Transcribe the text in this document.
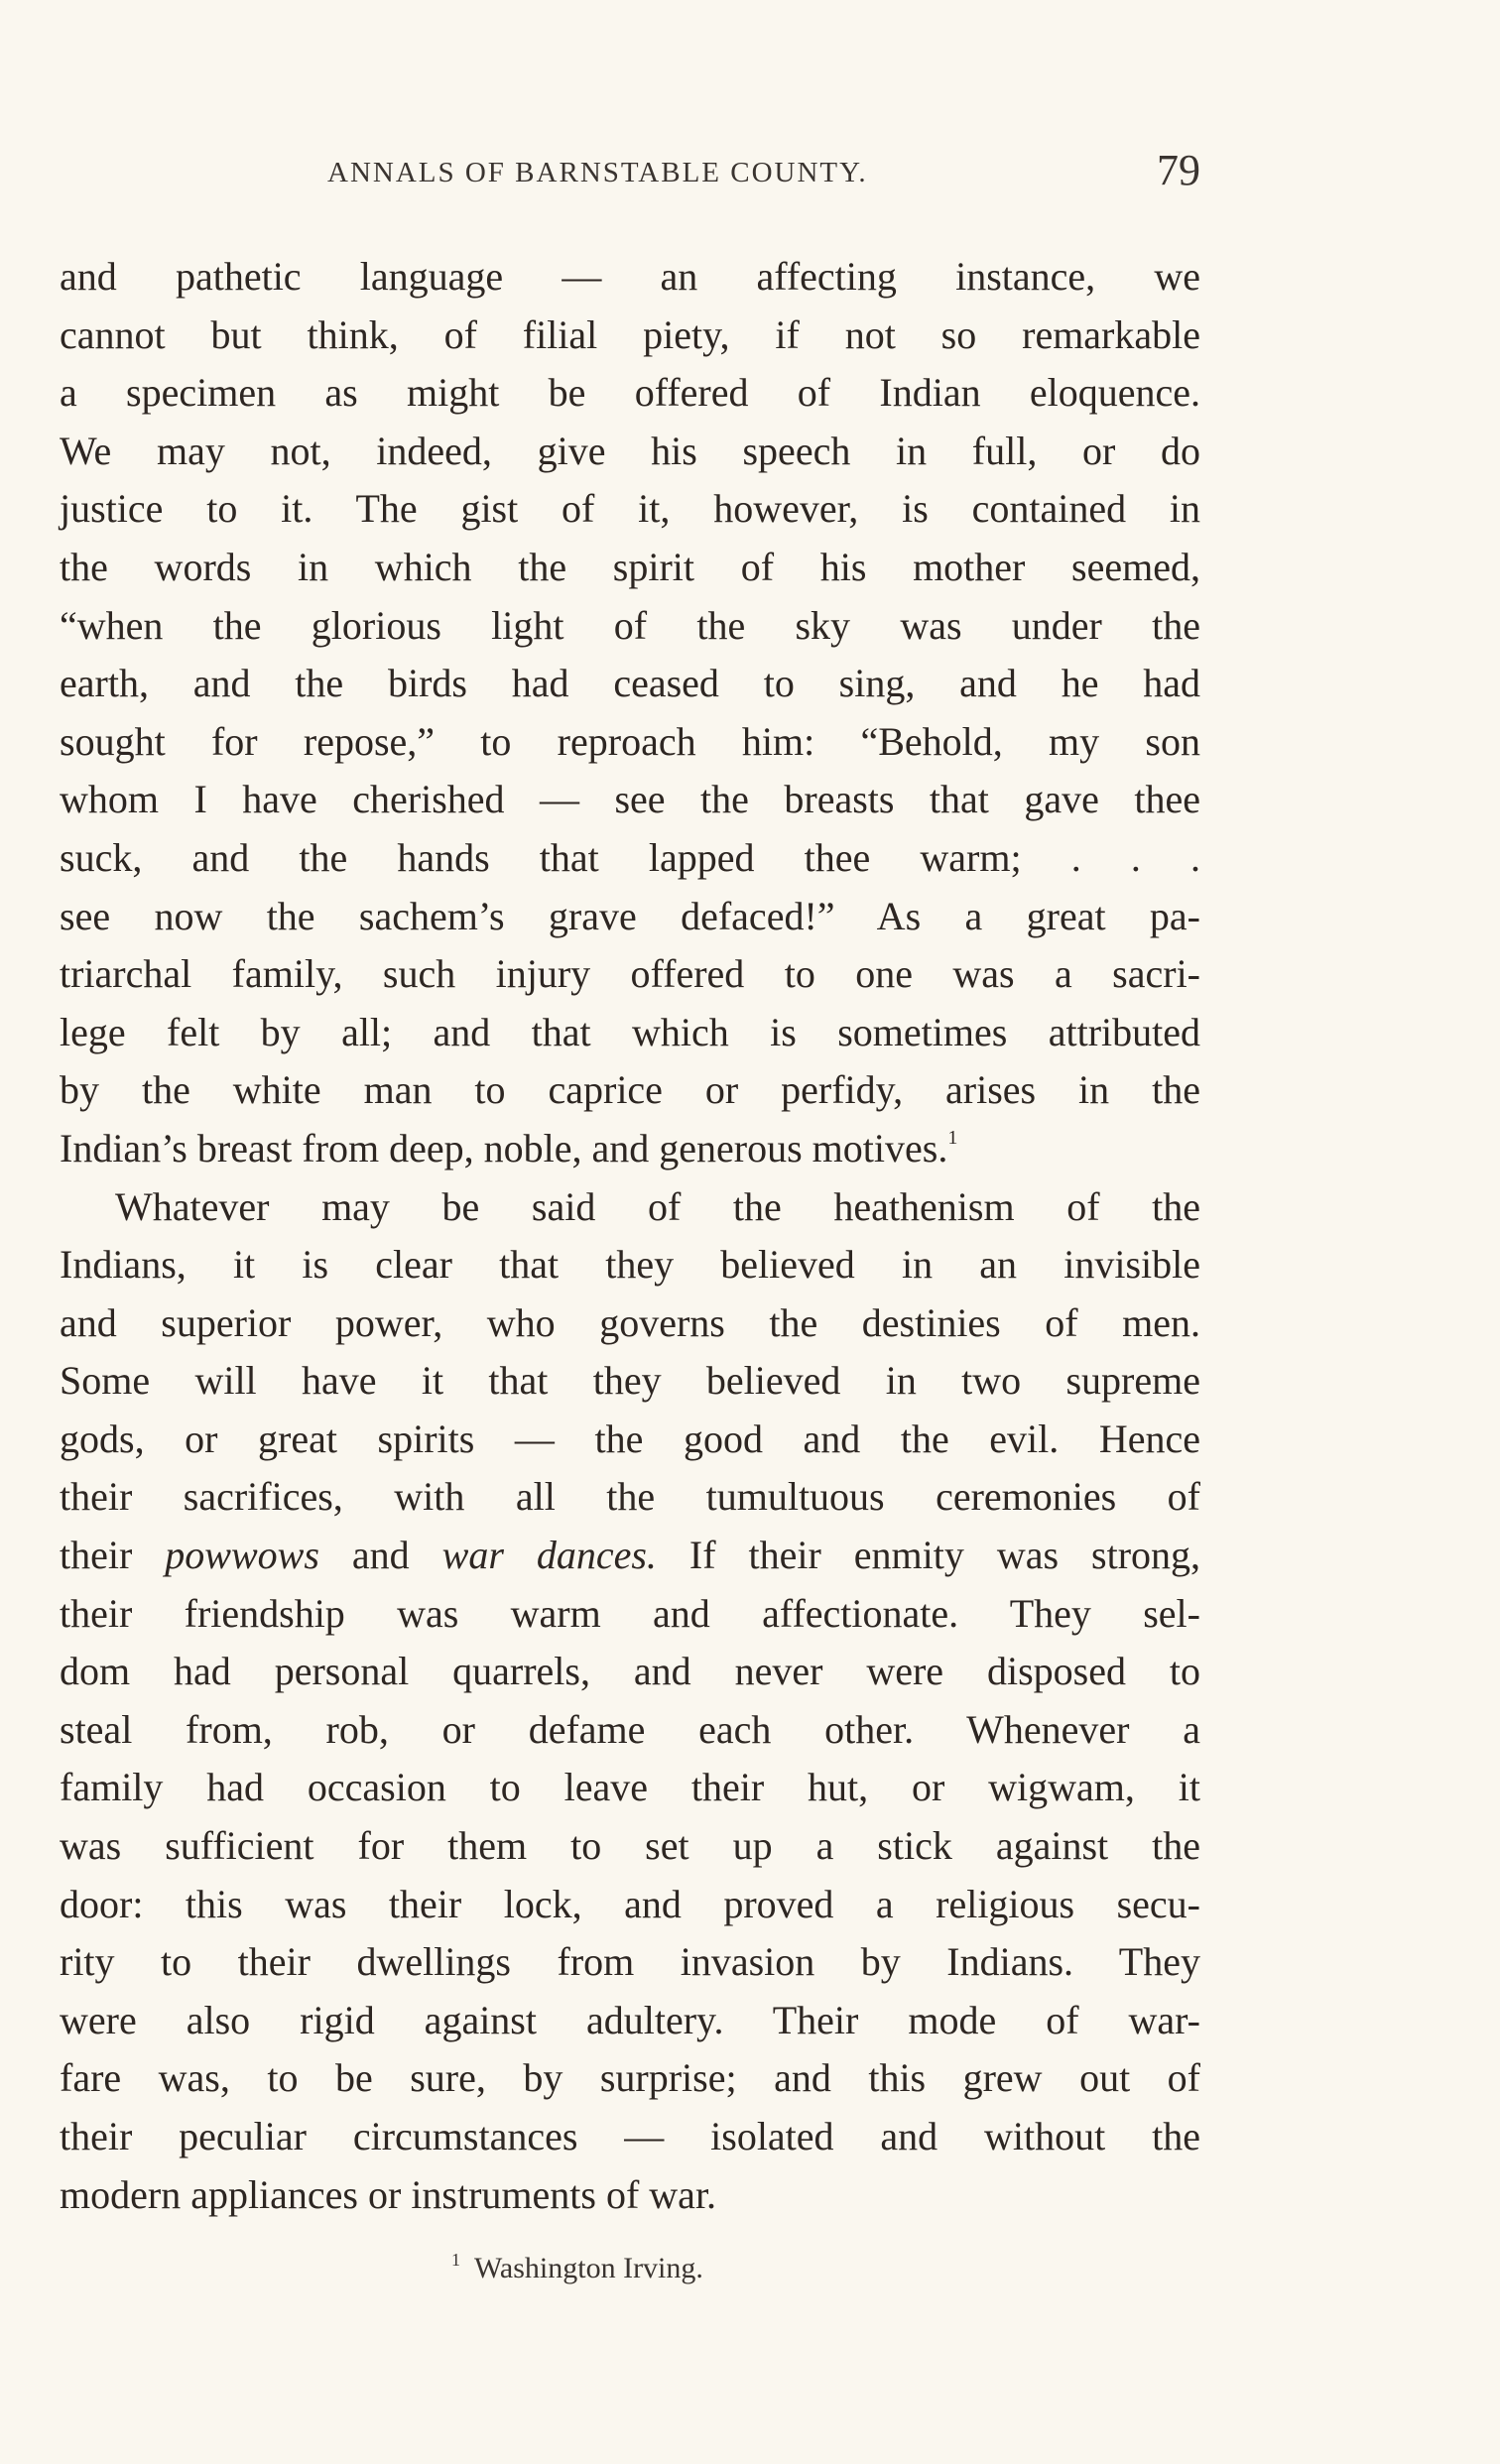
ANNALS OF BARNSTABLE COUNTY.	79
and pathetic language — an affecting instance, we
cannot but think, of filial piety, if not so remarkable
a specimen as might be offered of Indian eloquence.
We may not, indeed, give his speech in full, or do
justice to it. The gist of it, however, is contained in
the words in which the spirit of his mother seemed,
“when the glorious light of the sky was under the
earth, and the birds had ceased to sing, and he had
sought for repose,” to reproach him: “Behold, my son
whom I have cherished — see the breasts that gave thee
suck, and the hands that lapped thee warm; . . .
see now the sachem’s grave defaced!” As a great pa-
triarchal family, such injury offered to one was a sacri-
lege felt by all; and that which is sometimes attributed
by the white man to caprice or perfidy, arises in the
Indian’s breast from deep, noble, and generous motives.$^1$
Whatever may be said of the heathenism of the
Indians, it is clear that they believed in an invisible
and superior power, who governs the destinies of men.
Some will have it that they believed in two supreme
gods, or great spirits — the good and the evil. Hence
their sacrifices, with all the tumultuous ceremonies of
their powwows and war dances. If their enmity was strong,
their friendship was warm and affectionate. They sel-
dom had personal quarrels, and never were disposed to
steal from, rob, or defame each other. Whenever a
family had occasion to leave their hut, or wigwam, it
was sufficient for them to set up a stick against the
door: this was their lock, and proved a religious secu-
rity to their dwellings from invasion by Indians. They
were also rigid against adultery. Their mode of war-
fare was, to be sure, by surprise; and this grew out of
their peculiar circumstances — isolated and without the
modern appliances or instruments of war.
$^1$ Washington Irving.
